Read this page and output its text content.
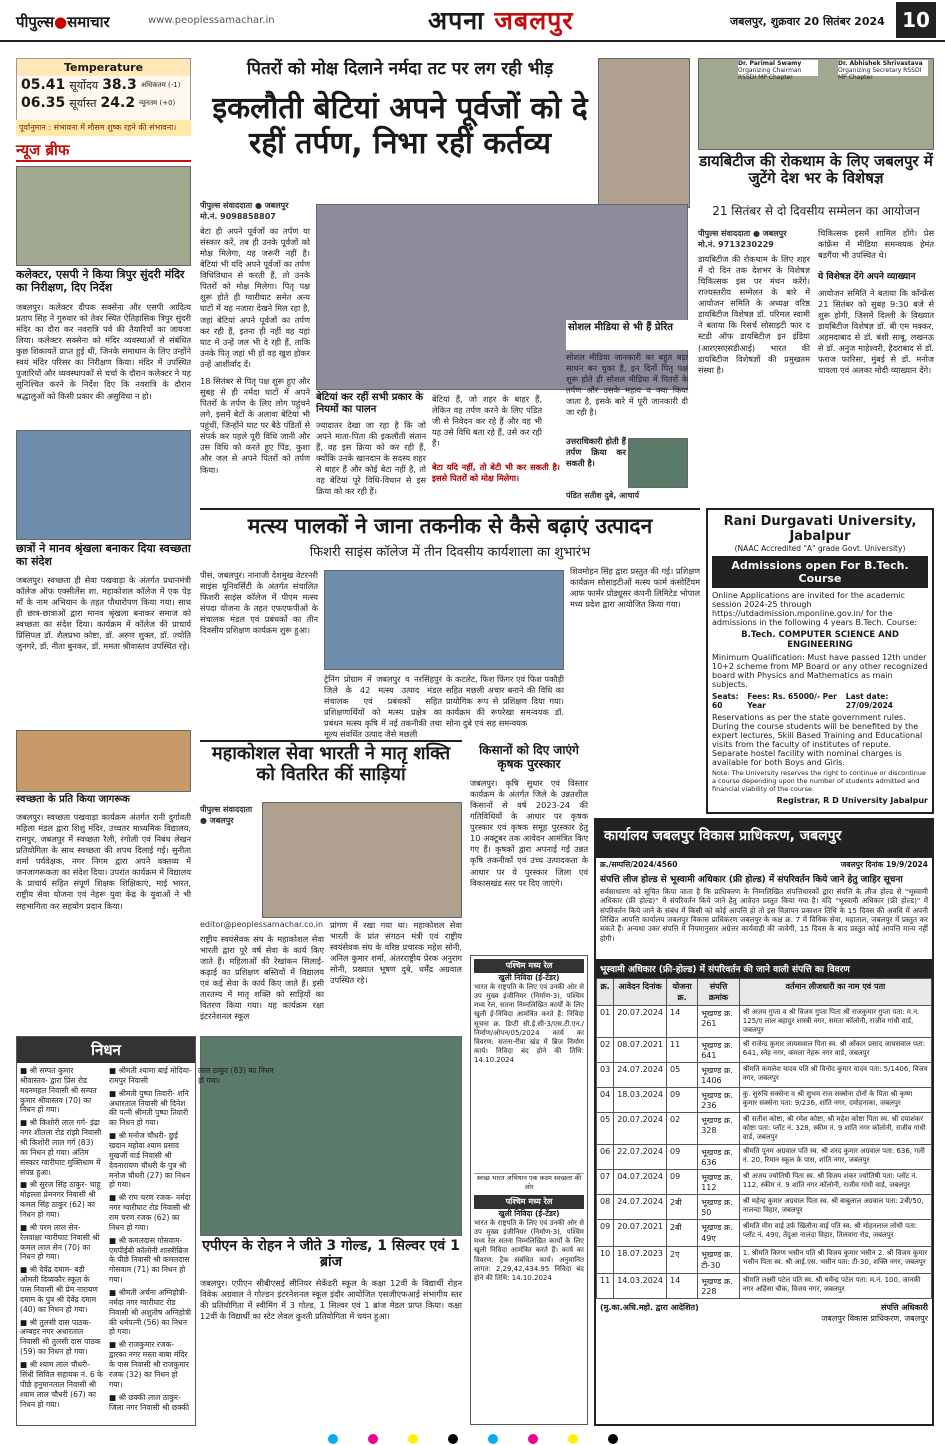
पीपुल्स●समाचार	www.peoplessamachar.in	अपना जबलपुर	जबलपुर, शुक्रवार 20 सितंबर 2024 10
Temperature
05.41 सूर्योदय 38.3 अधिकतम (-1)
06.35 सूर्यास्त 24.2 न्यूनतम (+0)
पूर्वानुमान : संभावना में मौसम शुष्क रहने की संभावना।
न्यूज ब्रीफ
कलेक्टर, एसपी ने किया त्रिपुर सुंदरी मंदिर का निरीक्षण, दिए निर्देश
जबलपुर। कलेक्टर दीपक सक्सेना और एसपी आदित्य प्रताप सिंह ने गुरुवार को तेवर स्थित ऐतिहासिक त्रिपुर सुंदरी मंदिर का दौरा कर नवरात्रि पर्व की तैयारियों का जायजा लिया। कलेक्टर सक्सेना को मंदिर व्यवस्थाओं से संबंधित कुछ शिकायतें प्राप्त हुई थीं, जिनके समाधान के लिए उन्होंने स्वयं मंदिर परिसर का निरीक्षण किया। मंदिर में उपस्थित पुजारियों और व्यवस्थापकों से चर्चा के दौरान कलेक्टर ने यह सुनिश्चित करने के निर्देश दिए कि नवरात्रि के दौरान श्रद्धालुओं को किसी प्रकार की असुविधा न हो।
छात्रों ने मानव श्रृंखला बनाकर दिया स्वच्छता का संदेश
जबलपुर। स्वच्छता ही सेवा पखवाड़ा के अंतर्गत प्रधानमंत्री कॉलेज ऑफ एक्सीलेंस शा. महाकोशल कॉलेज में एक पेड़ माँ के नाम अभियान के तहत पौधारोपण किया गया। साथ ही छात्र-छात्राओं द्वारा मानव श्रृंखला बनाकर समाज को स्वच्छता का संदेश दिया। कार्यक्रम में कॉलेज की प्राचार्य प्रिंसिपल डॉ. शैलप्रभा कोष्टा, डॉ. अरुण शुक्ल, डॉ. ज्योति जुनगरे, डॉ. नीता बुनकर, डॉ. ममता श्रीवास्तव उपस्थित रहे।
स्वच्छता के प्रति किया जागरूक
जबलपुर। स्वच्छता पखवाड़ा कार्यक्रम अंतर्गत रानी दुर्गावती महिला मंडल द्वारा शिशु मंदिर, उच्चतर माध्यमिक विद्यालय, रामपुर, जबलपुर में स्वच्छता रैली, रंगोली एवं निबंध लेखन प्रतियोगिता के साथ स्वच्छता की शपथ दिलाई गई। सुनीता शर्मा पर्यवेक्षक, नगर निगम द्वारा अपने वक्तव्य में जनजागरूकता का संदेश दिया। उपरांत कार्यक्रम में विद्यालय के प्राचार्य सहित संपूर्ण शिक्षक शिक्षिकाएं, माई भारत, राष्ट्रीय सेवा योजना एवं नेहरू युवा केंद्र के युवाओं ने भी सहभागिता कर सहयोग प्रदान किया।
पितरों को मोक्ष दिलाने नर्मदा तट पर लग रही भीड़
इकलौती बेटियां अपने पूर्वजों को दे रहीं तर्पण, निभा रहीं कर्तव्य
पीपुल्स संवाददाता ● जबलपुर
मो.नं. 9098858807
बेटा ही अपने पूर्वजों का तर्पण या संस्कार करें, तब ही उनके पूर्वजों को मोक्ष मिलेगा, यह जरूरी नहीं है। बेटियां भी यदि अपने पूर्वजों का तर्पण विधिविधान से करती हैं, तो उनके पितरों को मोक्ष मिलेगा। पितृ पक्ष शुरू होते ही ग्वारीघाट समेत अन्य घाटों में यह नजारा देखने मिल रहा है, जहां बेटियां अपने पूर्वजों का तर्पण कर रही हैं, इतना ही नहीं वह यहां घाट में उन्हें जल भी दे रही हैं, ताकि उनके पितृ जहां भी हों वह खुश होकर उन्हें आशीर्वाद दें।
18 सितंबर से पितृ पक्ष शुरू हुए और सुबह से ही नर्मदा घाटों में अपने पितरों के तर्पण के लिए लोग पहुंचने लगे, इसमें बेटों के अलावा बेटियां भी पहुंचीं, जिन्होंने घाट पर बैठे पंडितों से संपर्क कर पहले पूरी विधि जानी और उस विधि को करते हुए पिंड, कुशा और जल से अपने पितरों को तर्पण किया।
बेटियां कर रहीं सभी प्रकार के नियमों का पालन
ज्यादातर देखा जा रहा है कि जो अपने माता-पिता की इकलौती संतान हैं, वह इस क्रिया को कर रही हैं, क्योंकि उनके खानदान के सदस्य शहर से बाहर हैं और कोई बेटा नहीं है, तो वह बेटियां पूरे विधि-विधान से इस क्रिया को कर रही हैं।
बेटियां हैं, जो शहर के बाहर हैं, लेकिन वह तर्पण करने के लिए पंडित जी से निवेदन कर रहे हैं और वह भी यह उसे विधि बता रहे हैं, उसे कर रही हैं।
सोशल मीडिया से भी हैं प्रेरित
सोशल मीडिया जानकारी का बहुत बड़ा साधन बन चुका है, इन दिनों पितृ पक्ष शुरू होते ही सोशल मीडिया में पितरों के तर्पण और उसके महत्व व क्या किया जाता है, इसके बारे में पूरी जानकारी दी जा रही है।
बेटा यदि नहीं, तो बेटी भी कर सकती है। इससे पितरों को मोक्ष मिलेगा।
उत्तराधिकारी होती हैं तर्पण क्रिया कर सकती है।
पंडित सतीश दुबे, आचार्य
Dr. Parimal Swamy
Organizing Chairman RSSDI MP Chapter
Dr. Abhishek Shrivastava
Organizing Secretary RSSDI MP Chapter
डायबिटीज की रोकथाम के लिए जबलपुर में जुटेंगे देश भर के विशेषज्ञ
21 सितंबर से दो दिवसीय सम्मेलन का आयोजन
पीपुल्स संवाददाता ● जबलपुर
मो.नं. 9713230229
डायबिटीज की रोकथाम के लिए शहर में दो दिन तक देशभर के विशेषज्ञ चिकित्सक इस पर मंथन करेंगे। राज्यस्तरीय सम्मेलन के बारे में आयोजन समिति के अध्यक्ष वरिष्ठ डायबिटीज विशेषज्ञ डॉ. परिमल स्वामी ने बताया कि रिसर्च सोसाइटी फार द स्टडी ऑफ डायबिटीज इन इंडिया (आरएसएसडीआई) भारत की डायबिटीज विशेषज्ञों की प्रमुखतम संस्था है।
चिकित्सक इसमें शामिल होंगे। प्रेस कांफ्रेंस में मीडिया समन्वयक हेमंत बडगैंया भी उपस्थित थे।
ये विशेषज्ञ देंगे अपने व्याख्यान
आयोजन समिति ने बताया कि कॉन्फ्रेंस 21 सितंबर को सुबह 9:30 बजे से शुरू होगी, जिसमें दिल्ली के विख्यात डायबिटीज विशेषज्ञ डॉ. बी एम मक्कर, अहमदाबाद से डॉ. बंशी साबू, लखनऊ से डॉ. अनुज माहेश्वरी, हैदराबाद से डॉ. फराज फारिसा, मुंबई से डॉ. मनोज चावला एवं अलका मोदी व्याख्यान देंगे।
मत्स्य पालकों ने जाना तकनीक से कैसे बढ़ाएं उत्पादन
फिशरी साइंस कॉलेज में तीन दिवसीय कार्यशाला का शुभारंभ
पीसं, जबलपुर। नानाजी देशमुख वेटरनरी साइंस यूनिवर्सिटी के अंतर्गत संचालित फिशरी साइंस कॉलेज में पीएम मत्स्य संपदा योजना के तहत एफएफपीओ के संचालक मंडल एवं प्रबंधकों का तीन दिवसीय प्रशिक्षण कार्यक्रम शुरू हुआ।
ट्रेनिंग प्रोग्राम में जबलपुर व नरसिंहपुर जिले के 42 मत्स्य उत्पाद मंडल संचालक एवं प्रबंधकों सहित प्रशिक्षणार्थियों को मत्स्य प्रक्षेत्र का प्रबंधन मत्स्य कृषि में नई तकनीकी तथा मूल्य संवर्धित उत्पाद जैसे मछली
के कटलेट, फिश फिंगर एवं फिश पकौड़ी सहित मछली अचार बनाने की विधि का प्रायोगिक रूप से प्रशिक्षण दिया गया। कार्यक्रम की रूपरेखा समन्वयक डॉ. सोना दुबे एवं सह समन्वयक
शिवमोहन सिंह द्वारा प्रस्तुत की गई। प्रशिक्षण कार्यक्रम सोसाइटीओं मत्स्य फार्म कंसोर्टियम आफ फार्मर प्रोड्यूसर कंपनी लिमिटेड भोपाल मध्य प्रदेश द्वारा आयोजित किया गया।
Rani Durgavati University, Jabalpur
(NAAC Accredited "A" grade Govt. University)
Admissions open For B.Tech. Course
Online Applications are invited for the academic session 2024-25 through https://utdadmission.mponline.gov.in/ for the admissions in the following 4 years B.Tech. Course:
B.Tech. COMPUTER SCIENCE AND ENGINEERING
Minimum Qualification: Must have passed 12th under 10+2 scheme from MP Board or any other recognized board with Physics and Mathematics as main subjects.
Seats: 60
Fees: Rs. 65000/- Per Year
Last date: 27/09/2024
Reservations as per the state government rules.
During the course students will be benefited by the expert lectures, Skill Based Training and Educational visits from the faculty of institutes of repute.
Separate hostel facility with nominal charges is available for both Boys and Girls.
Note: The University reserves the right to continue or discontinue a course depending upon the number of students admitted and financial viability of the course.
Registrar, R D University Jabalpur
महाकोशल सेवा भारती ने मातृ शक्ति को वितरित कीं साड़ियां
पीपुल्स संवाददाता ● जबलपुर
editor@peoplessamachar.co.in
राष्ट्रीय स्वयंसेवक संघ के महाकोशल सेवा भारती द्वारा पूरे वर्ष सेवा के कार्य किए जाते हैं। महिलाओं की रेखांकन सिलाई-कढ़ाई का प्रशिक्षण बस्तियों में विद्यालय एवं कई सेवा के कार्य किए जाते हैं। इसी तारतम्य में मातृ शक्ति को साड़ियों का वितरण किया गया। यह कार्यक्रम रक्षा इंटरनेशनल स्कूल
प्रांगण में रखा गया था। महाकोशल सेवा भारती के प्रांत संगठन मंत्री एवं राष्ट्रीय स्वयंसेवक संघ के वरिष्ठ प्रचारक महेश सोनी, अनिल कुमार शर्मा, अंतरराष्ट्रीय प्रेरक अनुराग सोनी, प्रख्यात भूषण दुबे, धर्मेंद्र अग्रवाल उपस्थित रहे।
किसानों को दिए जाएंगे कृषक पुरस्कार
जबलपुर। कृषि सुधार एवं विस्तार कार्यक्रम के अंतर्गत जिले के उन्नतशील किसानों से वर्ष 2023-24 की गतिविधियों के आधार पर कृषक पुरस्कार एवं कृषक समूह पुरस्कार हेतु 10 अक्टूबर तक आवेदन आमंत्रित किए गए हैं। कृषकों द्वारा अपनाई गई उन्नत कृषि तकनीकों एवं उच्च उत्पादकता के आधार पर ये पुरस्कार जिला एवं विकासखंड स्तर पर दिए जाएंगे।
पश्चिम मध्य रेल
खुली निविदा (ई-टेंडर)
भारत के राष्ट्रपति के लिए एवं उनकी ओर से उप मुख्य इंजीनियर (निर्माण-3), पश्चिम मध्य रेल, सतना निम्नलिखित कार्यों के लिए खुली ई-निविदा आमंत्रित करते हैं: निविदा सूचना क्र. डिप्टी सी.ई.सी-3/एस.टी.एन./निर्माण/ओपन/05/2024 कार्य का विवरण: सतना-रीवा खंड में ब्रिज निर्माण कार्य। निविदा बंद होने की तिथि: 14.10.2024
स्वच्छ भारत अभियान एक कदम स्वच्छता की ओर
पश्चिम मध्य रेल
खुली निविदा (ई-टेंडर)
भारत के राष्ट्रपति के लिए एवं उनकी ओर से उप मुख्य इंजीनियर (निर्माण-3), पश्चिम मध्य रेल सतना निम्नलिखित कार्यों के लिए खुली निविदा आमंत्रित करते हैं। कार्य का विवरण: ट्रैक संबंधित कार्य। अनुमानित लागत: 2,29,42,434.95 निविदा बंद होने की तिथि: 14.10.2024
एपीएन के रोहन ने जीते 3 गोल्ड, 1 सिल्वर एवं 1 ब्रांज
जबलपुर। एपीएन सीबीएसई सीनियर सेकेंडरी स्कूल के कक्षा 12वीं के विद्यार्थी रोहन विवेक अग्रवाल ने गोल्डन इंटरनेशनल स्कूल इंदौर आयोजित एसजीएफआई संभागीय स्तर की प्रतियोगिता में स्वीमिंग में 3 गोल्ड, 1 सिल्वर एवं 1 ब्रांज मेडल प्राप्त किया। कक्षा 12वीं के विद्यार्थी का स्टेट लेवल कुश्ती प्रतियोगिता में चयन हुआ।
निधन
■ श्री सम्पत कुमार श्रीवास्तव- द्वारा प्रिंस रोड मदनमहल निवासी श्री सम्पत कुमार श्रीवास्तव (70) का निधन हो गया।
■ श्री किशोरी लाल गर्ग- इंद्रा नगर शीतला रोड रांझी निवासी श्री किशोरी लाल गर्ग (83) का निधन हो गया। अंतिम संस्कार ग्वारीघाट मुक्तिधाम में संपन्न हुआ।
■ श्री सुरज सिंह ठाकुर- चाहू मोहल्ला प्रेमनगर निवासी श्री कमल सिंह ठाकुर (62) का निधन हो गया।
■ श्री परम लाल सेन- रेलवाक्षा ग्वारीघाट निवासी श्री कमल लाल सेन (70) का निधन हो गया।
■ श्री देवेंद्र दमाम- बड़ी ओमती दिव्यकौर स्कूल के पास निवासी श्री प्रेम नारायण दमाम के पुत्र श्री देवेंद्र दमाम (40) का निधन हो गया।
■ श्री तुलसी दास पाठक- अम्बहर नगर अधारताल निवासी श्री तुलसी दास पाठक (59) का निधन हो गया।
■ श्री श्याम लाल चौधरी- सिंधी सिविल सहायक नं. 6 के पीछे हनुमानताल निवासी श्री श्याम लाल चौधरी (67) का निधन हो गया।
■ श्रीमती श्यामा बाई मोदिया- रामपुर निवासी
■ श्रीमती पुष्पा तिवारी- शनि अधारताल निवासी श्री दिनेश की पत्नी श्रीमती पुष्पा तिवारी का निधन हो गया।
■ श्री मनोज चौधरी- छुई खदान महोवा श्याम प्रसाद मुखर्जी वार्ड निवासी श्री देवनारायण चौधरी के पुत्र श्री मनोज चौधरी (27) का निधन हो गया।
■ श्री राम चरण रजक- नर्मदा नगर ग्वारीघाट रोड निवासी श्री राम चरण रजक (62) का निधन हो गया।
■ श्री कमलदास गोसवाम- एमपीईबी कॉलोनी शास्त्रीब्रिज के पीछे निवासी श्री कमलदास गोसवाम (71) का निधन हो गया।
■ श्रीमती अर्चना अग्निहोत्री- नर्मदा नगर ग्वारीघाट रोड निवासी श्री अशुतोष अग्निहोत्री की धर्मपत्नी (56) का निधन हो गया।
■ श्री राजकुमार रजक- द्वारका नगर मस्ता बाबा मंदिर के पास निवासी श्री राजकुमार रजक (32) का निधन हो गया।
■ श्री छक्की लाल ठाकुर- जिला नगर निवासी श्री छक्की लाल ठाकुर (83) का निधन हो गया।
कार्यालय जबलपुर विकास प्राधिकरण, जबलपुर
क्र./सम्पत्ति/2024/4560	जबलपुर दिनांक 19/9/2024
संपत्ति लीज होल्ड से भूस्वामी अधिकार (फ्री होल्ड) में संपरिवर्तन किये जाने हेतु जाहिर सूचना
सर्वसाधारण को सूचित किया जाता है कि प्राधिकरण के निम्नलिखित संपत्तिधारकों द्वारा संपत्ति के लीज होल्ड से "भूस्वामी अधिकार (फ्री होल्ड)" में संपरिवर्तन किये जाने हेतु आवेदन प्रस्तुत किया गया है। यदि "भूस्वामी अधिकार (फ्री होल्ड)" में संपरिवर्तन किये जाने के संबंध में किसी को कोई आपत्ति हो तो इस विज्ञापन प्रकाशन तिथि के 15 दिवस की अवधि में अपनी लिखित आपत्ति कार्यालय जबलपुर विकास प्राधिकरण जबलपुर के कक्ष क्र. 7 में विधिक सेवा, महाताल, जबलपुर में प्रस्तुत कर सकते हैं। अन्यथा उक्त संपत्ति में नियमानुसार अग्रेत्तर कार्यवाही की जावेगी, 15 दिवस के बाद प्रस्तुत कोई आपत्ति मान्य नहीं होगी।
भूस्वामी अधिकार (फ्री-होल्ड) में संपरिवर्तन की जाने वाली संपत्ति का विवरण
क्र.	आवेदन दिनांक	योजना क्र.	संपत्ति क्रमांक	वर्तमान लीजधारी का नाम एवं पता
01	20.07.2024	14	भूखण्ड क्र. 261	श्री अजय गुप्ता व श्री विजय गुप्ता पिता श्री राजकुमार गुप्ता पता: म.न. 125/ए लाल बहादुर शास्त्री नगर, समता कॉलोनी, राजीव गांधी वार्ड, जबलपुर
02	08.07.2021	11	भूखण्ड क्र. 641	श्री राजेन्द्र कुमार जायसवाल पिता स्व. श्री ओंकार प्रसाद जायसवाल पता: 641, स्नेह नगर, कमला नेहरू नगर वार्ड, जबलपुर
03	24.07.2024	05	भूखण्ड क्र. 1406	श्रीमति कमलेश यादव पति श्री विनोद कुमार यादव पता: 5/1406, विजय नगर, जबलपुर
04	18.03.2024	09	भूखण्ड क्र. 236	कु. सुरुचि सक्सेना व श्री सुभम राज सक्सेना दोनों के पिता श्री कृष्ण कुमार सक्सेना पता: 9/236, शांति नगर, दमोहनाका, जबलपुर
05	20.07.2024	02	भूखण्ड क्र. 328	श्री सतीश कोष्टा, श्री रमेश कोष्टा, श्री महेश कोष्टा पिता स्व. श्री दयाशंकर कोष्टा पता: प्लॉट नं. 328, स्कीम नं. 9 शांति नगर कॉलोनी, राजीव गांधी वार्ड, जबलपुर
06	22.07.2024	09	भूखण्ड क्र. 636	श्रीमति पूनम अग्रवाल पति स्व. श्री शरद कुमार अग्रवाल पता: 636, गली नं. 20, रिमान स्कूल के पास, शांति नगर, जबलपुर
07	04.07.2024	09	भूखण्ड क्र. 112	श्री अजय ज्योतिषी पिता स्व. श्री विजय शंकर ज्योतिषी पता: प्लॉट नं. 112, स्कीम नं. 9 शांति नगर कॉलोनी, राजीव गांधी वार्ड, जबलपुर
08	24.07.2024	2बी	भूखण्ड क्र. 50	श्री महेन्द्र कुमार अग्रवाल पिता स्व. श्री बाबूलाल अग्रवाल पता: 2बी/50, नालन्दा विहार, जबलपुर
09	20.07.2021	2बी	भूखण्ड क्र. 49ए	श्रीमति मीरा वाई उर्फ खिलौना वाई पति स्व. श्री मोहनलाल लोधी पता: प्लॉट नं. 49ए, तेंदुआ नालंदा विहार, तिलवारा रोड, जबलपुर
10	18.07.2023	2ए	भूखण्ड क्र. टी-30	1. श्रीमति किरण भसीन पति श्री विजय कुमार भसीन 2. श्री विजय कुमार भसीन पिता स्व. श्री आई.एस. भसीन पता: टी-30, शक्ति नगर, जबलपुर
11	14.03.2024	14	भूखण्ड क्र. 228	श्रीमति लक्ष्मी पटेल पति स्व. श्री धर्मेन्द्र पटेल पता: म.नं. 100, जानकी नगर अहिंसा चौक, विजय नगर, जबलपुर
(मु.का.अधि.महो. द्वारा आदेशित)	संपत्ति अधिकारी
जबलपुर विकास प्राधिकरण, जबलपुर
